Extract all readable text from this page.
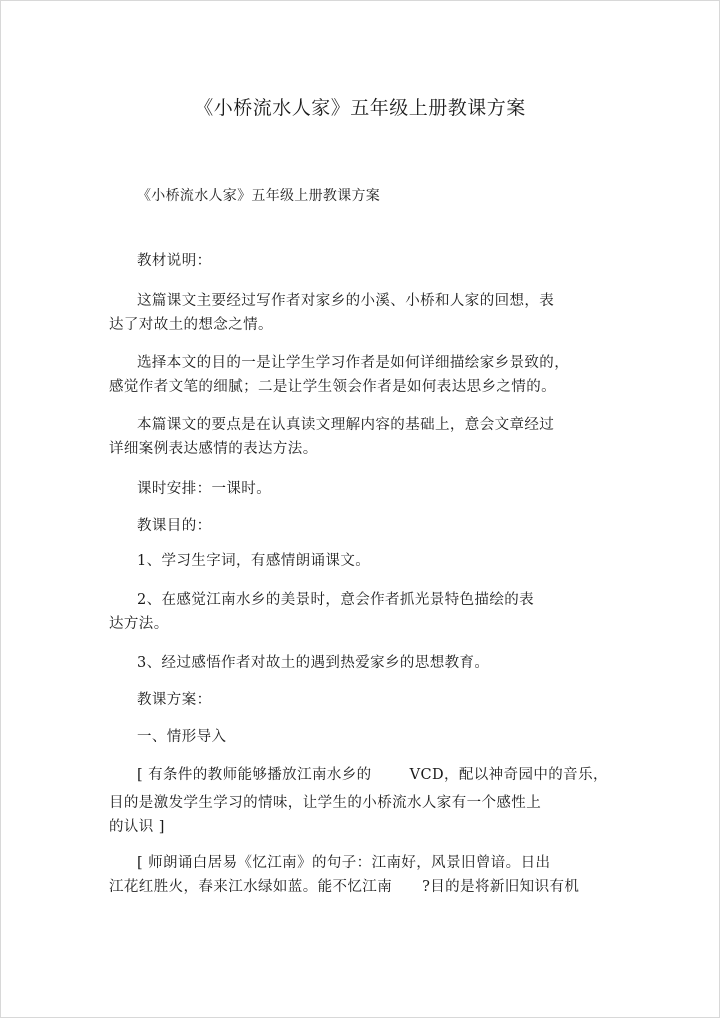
《小桥流水人家》五年级上册教课方案
《小桥流水人家》五年级上册教课方案
教材说明：
这篇课文主要经过写作者对家乡的小溪、小桥和人家的回想，表
达了对故土的想念之情。
选择本文的目的一是让学生学习作者是如何详细描绘家乡景致的，
感觉作者文笔的细腻；二是让学生领会作者是如何表达思乡之情的。
本篇课文的要点是在认真读文理解内容的基础上，意会文章经过
详细案例表达感情的表达方法。
课时安排：一课时。
教课目的：
1、学习生字词，有感情朗诵课文。
2、在感觉江南水乡的美景时，意会作者抓光景特色描绘的表
达方法。
3、经过感悟作者对故土的遇到热爱家乡的思想教育。
教课方案：
一、情形导入
[ 有条件的教师能够播放江南水乡的	VCD，配以神奇园中的音乐，
目的是激发学生学习的情味，让学生的小桥流水人家有一个感性上
的认识 ]
[ 师朗诵白居易《忆江南》的句子：江南好，风景旧曾谙。日出
江花红胜火，春来江水绿如蓝。能不忆江南 ?目的是将新旧知识有机
